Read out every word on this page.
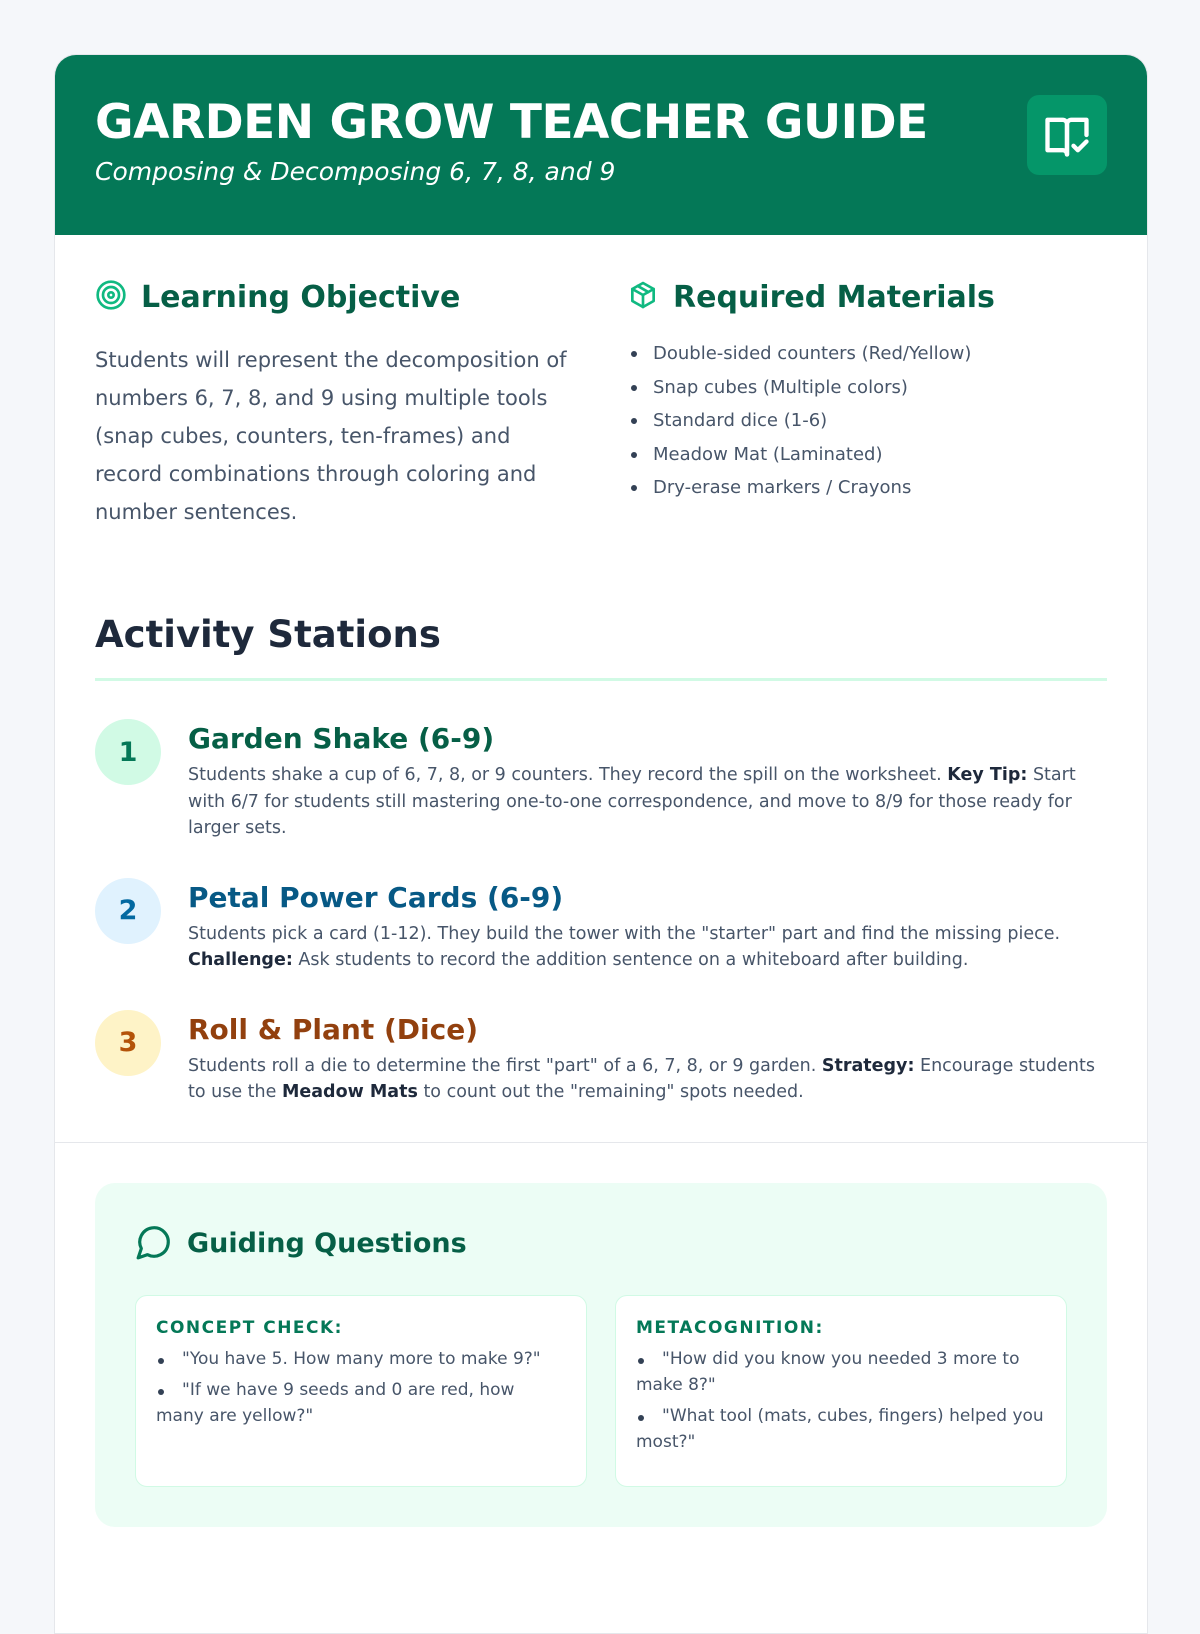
GARDEN GROW TEACHER GUIDE
Composing & Decomposing 6, 7, 8, and 9
Learning Objective

Students will represent the decomposition of numbers 6, 7, 8, and 9 using multiple tools (snap cubes, counters, ten-frames) and record combinations through coloring and number sentences.

Required Materials
Double-sided counters (Red/Yellow)
Snap cubes (Multiple colors)
Standard dice (1-6)
Meadow Mat (Laminated)
Dry-erase markers / Crayons
Activity Stations
1	Garden Shake (6-9)

Students shake a cup of 6, 7, 8, or 9 counters. They record the spill on the worksheet. Key Tip: Start with 6/7 for students still mastering one-to-one correspondence, and move to 8/9 for those ready for larger sets.

2	Petal Power Cards (6-9)

Students pick a card (1-12). They build the tower with the "starter" part and find the missing piece. Challenge: Ask students to record the addition sentence on a whiteboard after building.

3	Roll & Plant (Dice)

Students roll a die to determine the first "part" of a 6, 7, 8, or 9 garden. Strategy: Encourage students to use the Meadow Mats to count out the "remaining" spots needed.

Guiding Questions
CONCEPT CHECK:
"You have 5. How many more to make 9?"
"If we have 9 seeds and 0 are red, how many are yellow?"
METACOGNITION:
"How did you know you needed 3 more to make 8?"
"What tool (mats, cubes, fingers) helped you most?"
